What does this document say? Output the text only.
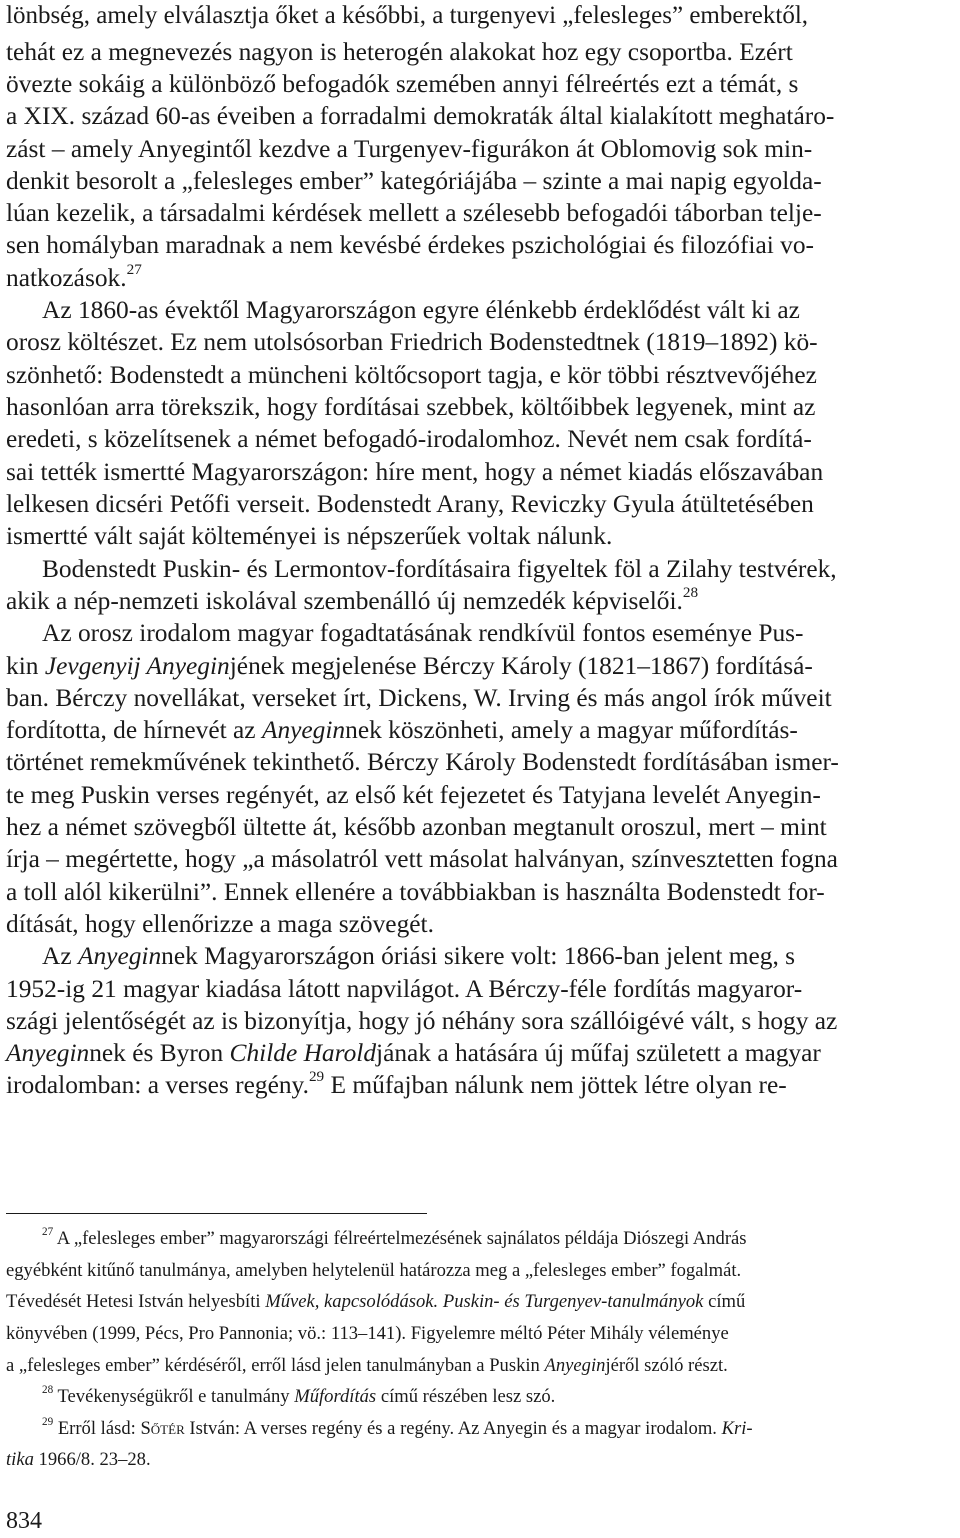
lönbség, amely elválasztja őket a későbbi, a turgenyevi „felesleges” emberektől,
tehát ez a megnevezés nagyon is heterogén alakokat hoz egy csoportba. Ezért
övezte sokáig a különböző befogadók szemében annyi félreértés ezt a témát, s
a XIX. század 60-as éveiben a forradalmi demokraták által kialakított meghatáro-
zást – amely Anyegintől kezdve a Turgenyev-figurákon át Oblomovig sok min-
denkit besorolt a „felesleges ember” kategóriájába – szinte a mai napig egyolda-
lúan kezelik, a társadalmi kérdések mellett a szélesebb befogadói táborban telje-
sen homályban maradnak a nem kevésbé érdekes pszichológiai és filozófiai vo-
natkozások.$^{27}$
Az 1860-as évektől Magyarországon egyre élénkebb érdeklődést vált ki az
orosz költészet. Ez nem utolsósorban Friedrich Bodenstedtnek (1819–1892) kö-
szönhető: Bodenstedt a müncheni költőcsoport tagja, e kör többi résztvevőjéhez
hasonlóan arra törekszik, hogy fordításai szebbek, költőibbek legyenek, mint az
eredeti, s közelítsenek a német befogadó-irodalomhoz. Nevét nem csak fordítá-
sai tették ismertté Magyarországon: híre ment, hogy a német kiadás előszavában
lelkesen dicséri Petőfi verseit. Bodenstedt Arany, Reviczky Gyula átültetésében
ismertté vált saját költeményei is népszerűek voltak nálunk.
Bodenstedt Puskin- és Lermontov-fordításaira figyeltek föl a Zilahy testvérek,
akik a nép-nemzeti iskolával szembenálló új nemzedék képviselői.$^{28}$
Az orosz irodalom magyar fogadtatásának rendkívül fontos eseménye Pus-
kin Jevgenyij Anyeginjének megjelenése Bérczy Károly (1821–1867) fordításá-
ban. Bérczy novellákat, verseket írt, Dickens, W. Irving és más angol írók műveit
fordította, de hírnevét az Anyeginnek köszönheti, amely a magyar műfordítás-
történet remekművének tekinthető. Bérczy Károly Bodenstedt fordításában ismer-
te meg Puskin verses regényét, az első két fejezetet és Tatyjana levelét Anyegin-
hez a német szövegből ültette át, később azonban megtanult oroszul, mert – mint
írja – megértette, hogy „a másolatról vett másolat halványan, színvesztetten fogna
a toll alól kikerülni”. Ennek ellenére a továbbiakban is használta Bodenstedt for-
dítását, hogy ellenőrizze a maga szövegét.
Az Anyeginnek Magyarországon óriási sikere volt: 1866-ban jelent meg, s
1952-ig 21 magyar kiadása látott napvilágot. A Bérczy-féle fordítás magyaror-
szági jelentőségét az is bizonyítja, hogy jó néhány sora szállóigévé vált, s hogy az
Anyeginnek és Byron Childe Haroldjának a hatására új műfaj született a magyar
irodalomban: a verses regény.$^{29}$ E műfajban nálunk nem jöttek létre olyan re-
$^{27}$ A „felesleges ember” magyarországi félreértelmezésének sajnálatos példája Diószegi András
egyébként kitűnő tanulmánya, amelyben helytelenül határozza meg a „felesleges ember” fogalmát.
Tévedését Hetesi István helyesbíti Művek, kapcsolódások. Puskin- és Turgenyev-tanulmányok című
könyvében (1999, Pécs, Pro Pannonia; vö.: 113–141). Figyelemre méltó Péter Mihály véleménye
a „felesleges ember” kérdéséről, erről lásd jelen tanulmányban a Puskin Anyeginjéről szóló részt.
$^{28}$ Tevékenységükről e tanulmány Műfordítás című részében lesz szó.
$^{29}$ Erről lásd: Sőtér István: A verses regény és a regény. Az Anyegin és a magyar irodalom. Kri-
tika 1966/8. 23–28.
834
